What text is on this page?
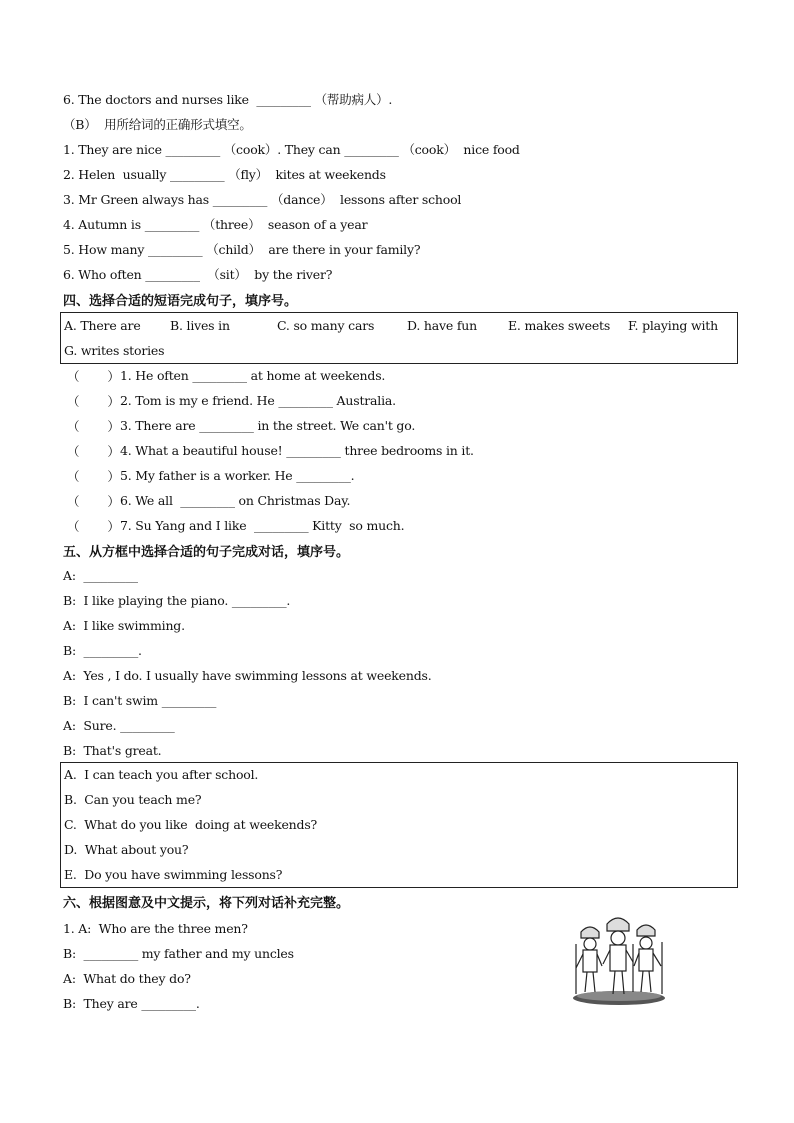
6. The doctors and nurses like  _________ （帮助病人）.
（B）  用所给词的正确形式填空。
1. They are nice _________ （cook）. They can _________ （cook）  nice food
2. Helen  usually _________ （fly）  kites at weekends
3. Mr Green always has _________ （dance）  lessons after school
4. Autumn is _________ （three）  season of a year
5. How many _________ （child）  are there in your family?
6. Who often _________  （sit）  by the river?
四、选择合适的短语完成句子，填序号。
A. There are B. lives in	C. so many cars	D. have fun E. makes sweets F. playing with
G. writes stories
（       ） 1. He often _________ at home at weekends.
（       ） 2. Tom is my e friend. He _________ Australia.
（       ） 3. There are _________ in the street. We can't go.
（       ） 4. What a beautiful house! _________ three bedrooms in it.
（       ） 5. My father is a worker. He _________.
（       ） 6. We all  _________ on Christmas Day.
（       ） 7. Su Yang and I like  _________ Kitty  so much.
五、从方框中选择合适的句子完成对话，填序号。
A:  _________
B:  I like playing the piano. _________.
A:  I like swimming.
B:  _________.
A:  Yes , I do. I usually have swimming lessons at weekends.
B:  I can't swim _________
A:  Sure. _________
B:  That's great.
A.  I can teach you after school.
B.  Can you teach me?
C.  What do you like  doing at weekends?
D.  What about you?
E.  Do you have swimming lessons?
六、根据图意及中文提示，将下列对话补充完整。
1. A:  Who are the three men?
B:  _________ my father and my uncles
A:  What do they do?
B:  They are _________.
